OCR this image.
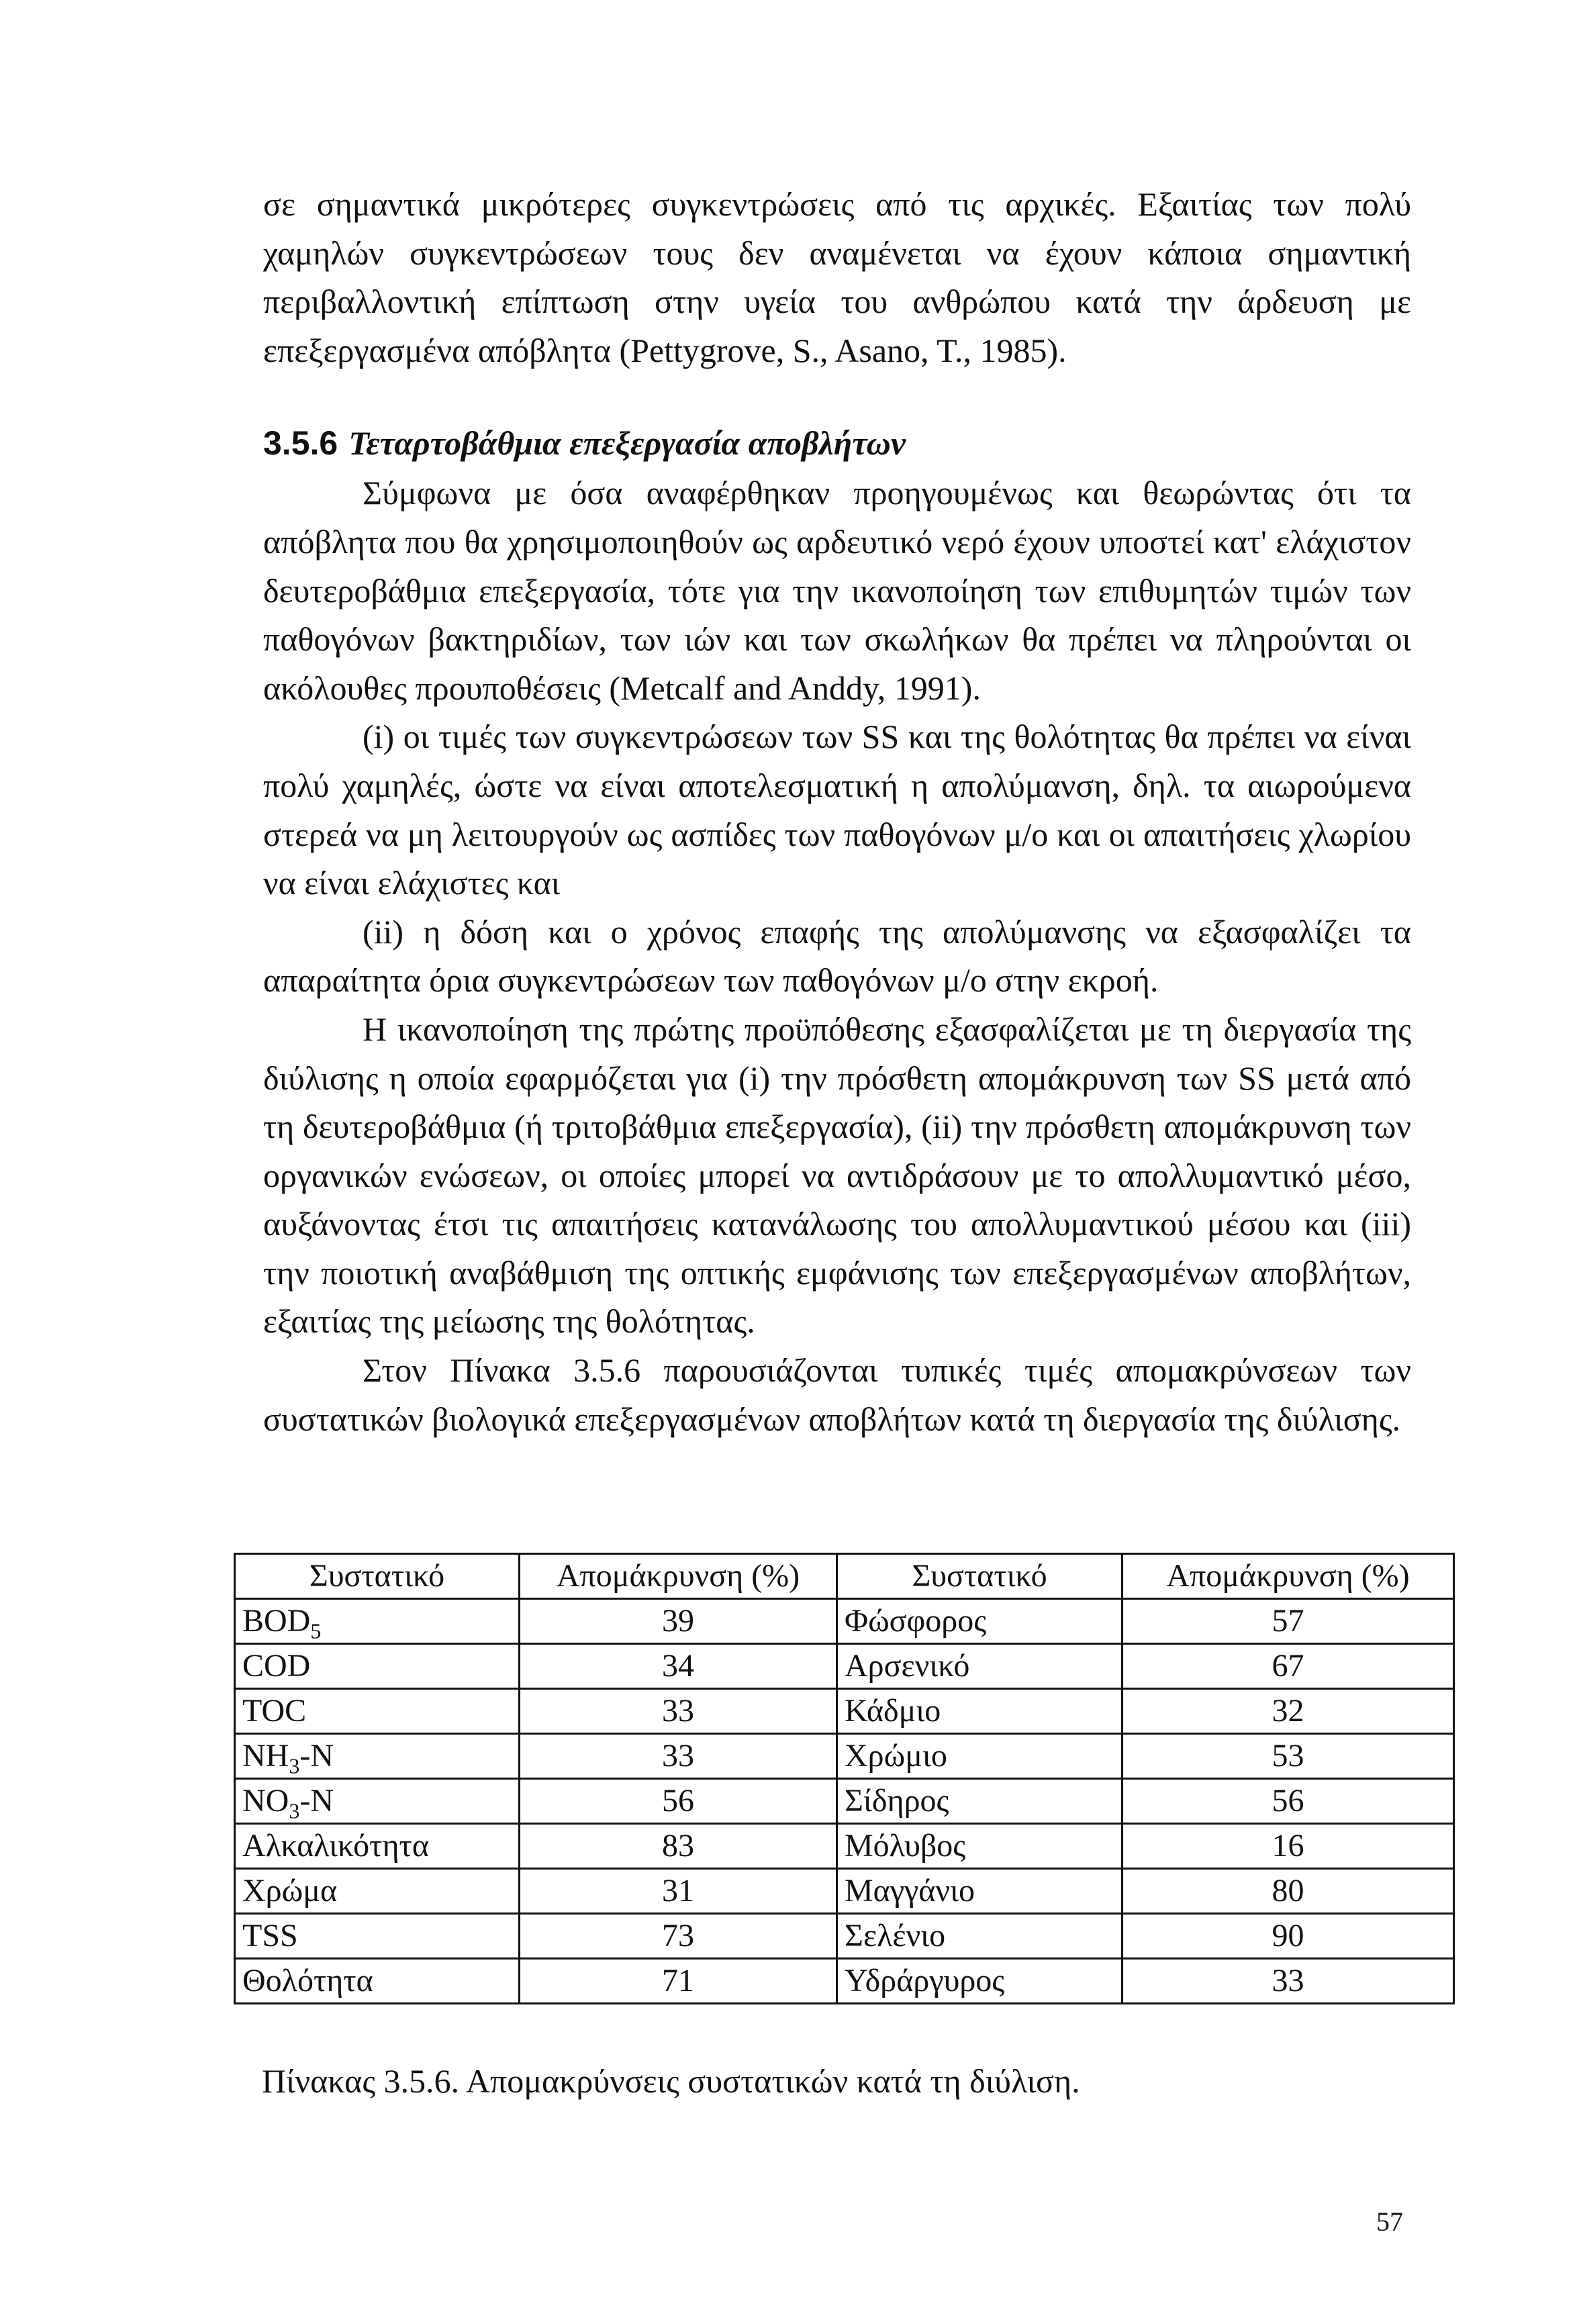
σε σημαντικά μικρότερες συγκεντρώσεις από τις αρχικές. Εξαιτίας των πολύ χαμηλών συγκεντρώσεων τους δεν αναμένεται να έχουν κάποια σημαντική περιβαλλοντική επίπτωση στην υγεία του ανθρώπου κατά την άρδευση με επεξεργασμένα απόβλητα (Pettygrove, S., Asano, T., 1985).

3.5.6 Τεταρτοβάθμια επεξεργασία αποβλήτων

Σύμφωνα με όσα αναφέρθηκαν προηγουμένως και θεωρώντας ότι τα απόβλητα που θα χρησιμοποιηθούν ως αρδευτικό νερό έχουν υποστεί κατ' ελάχιστον δευτεροβάθμια επεξεργασία, τότε για την ικανοποίηση των επιθυμητών τιμών των παθογόνων βακτηριδίων, των ιών και των σκωλήκων θα πρέπει να πληρούνται οι ακόλουθες προυποθέσεις (Metcalf and Anddy, 1991).

(i) οι τιμές των συγκεντρώσεων των SS και της θολότητας θα πρέπει να είναι πολύ χαμηλές, ώστε να είναι αποτελεσματική η απολύμανση, δηλ. τα αιωρούμενα στερεά να μη λειτουργούν ως ασπίδες των παθογόνων μ/ο και οι απαιτήσεις χλωρίου να είναι ελάχιστες και

(ii) η δόση και ο χρόνος επαφής της απολύμανσης να εξασφαλίζει τα απαραίτητα όρια συγκεντρώσεων των παθογόνων μ/ο στην εκροή.

Η ικανοποίηση της πρώτης προϋπόθεσης εξασφαλίζεται με τη διεργασία της διύλισης η οποία εφαρμόζεται για (i) την πρόσθετη απομάκρυνση των SS μετά από τη δευτεροβάθμια (ή τριτοβάθμια επεξεργασία), (ii) την πρόσθετη απομάκρυνση των οργανικών ενώσεων, οι οποίες μπορεί να αντιδράσουν με το απολλυμαντικό μέσο, αυξάνοντας έτσι τις απαιτήσεις κατανάλωσης του απολλυμαντικού μέσου και (iii) την ποιοτική αναβάθμιση της οπτικής εμφάνισης των επεξεργασμένων αποβλήτων, εξαιτίας της μείωσης της θολότητας.

Στον Πίνακα 3.5.6 παρουσιάζονται τυπικές τιμές απομακρύνσεων των συστατικών βιολογικά επεξεργασμένων αποβλήτων κατά τη διεργασία της διύλισης.

Συστατικό	Απομάκρυνση (%)	Συστατικό	Απομάκρυνση (%)
$BOD_5$	39	Φώσφορος	57
COD	34	Αρσενικό	67
TOC	33	Κάδμιο	32
$NH_3-N$	33	Χρώμιο	53
$NO_3-N$	56	Σίδηρος	56
Αλκαλικότητα	83	Μόλυβος	16
Χρώμα	31	Μαγγάνιο	80
TSS	73	Σελένιο	90
Θολότητα	71	Υδράργυρος	33
Πίνακας 3.5.6. Απομακρύνσεις συστατικών κατά τη διύλιση.
57
